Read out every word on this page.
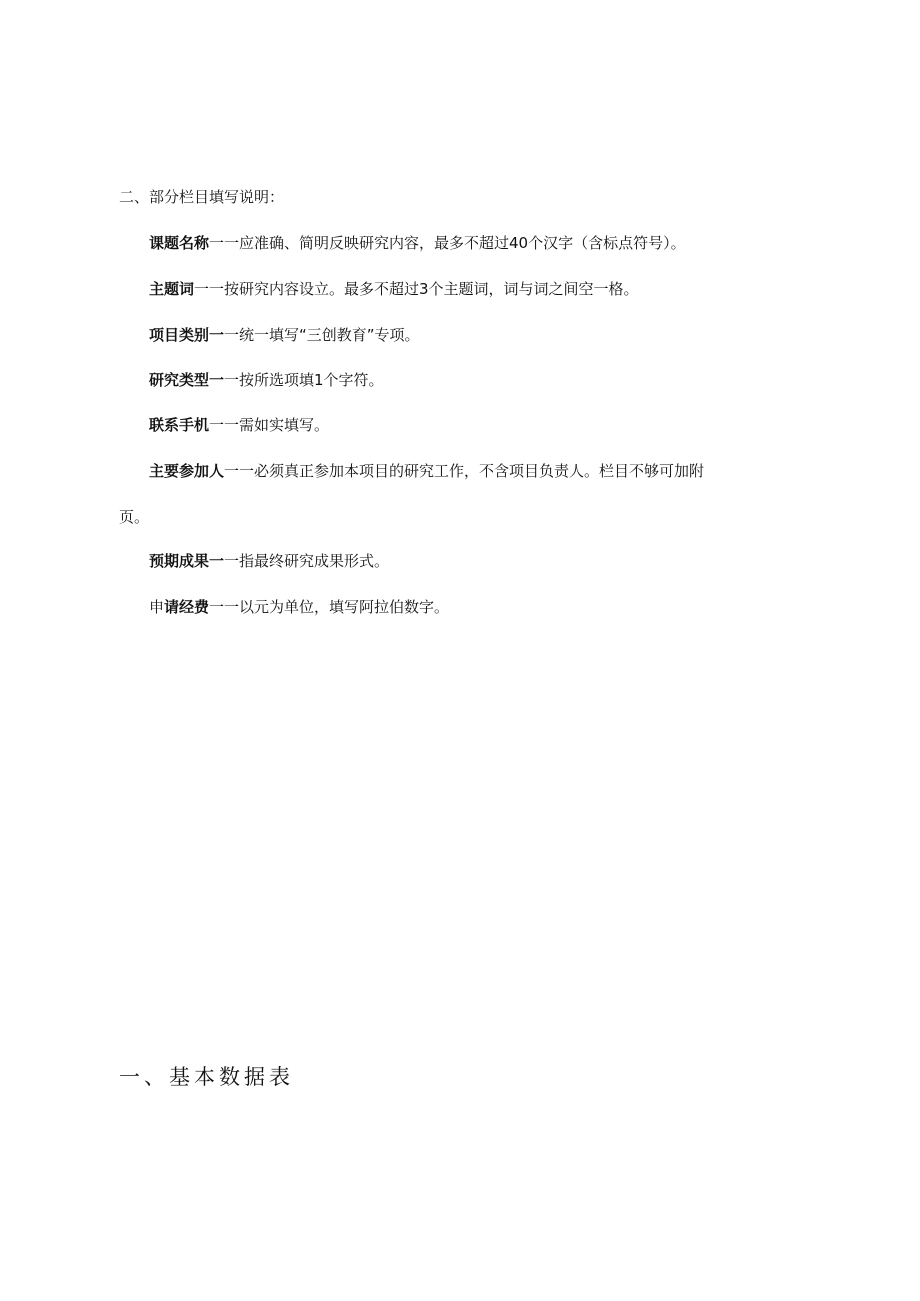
二、部分栏目填写说明：
课题名称一一应准确、简明反映研究内容，最多不超过40个汉字（含标点符号）。
主题词一一按研究内容设立。最多不超过3个主题词，词与词之间空一格。
项目类别一一统一填写“三创教育”专项。
研究类型一一按所选项填1个字符。
联系手机一一需如实填写。
主要参加人一一必须真正参加本项目的研究工作，不含项目负责人。栏目不够可加附
页。
预期成果一一指最终研究成果形式。
申请经费一一以元为单位，填写阿拉伯数字。
一、基本数据表
